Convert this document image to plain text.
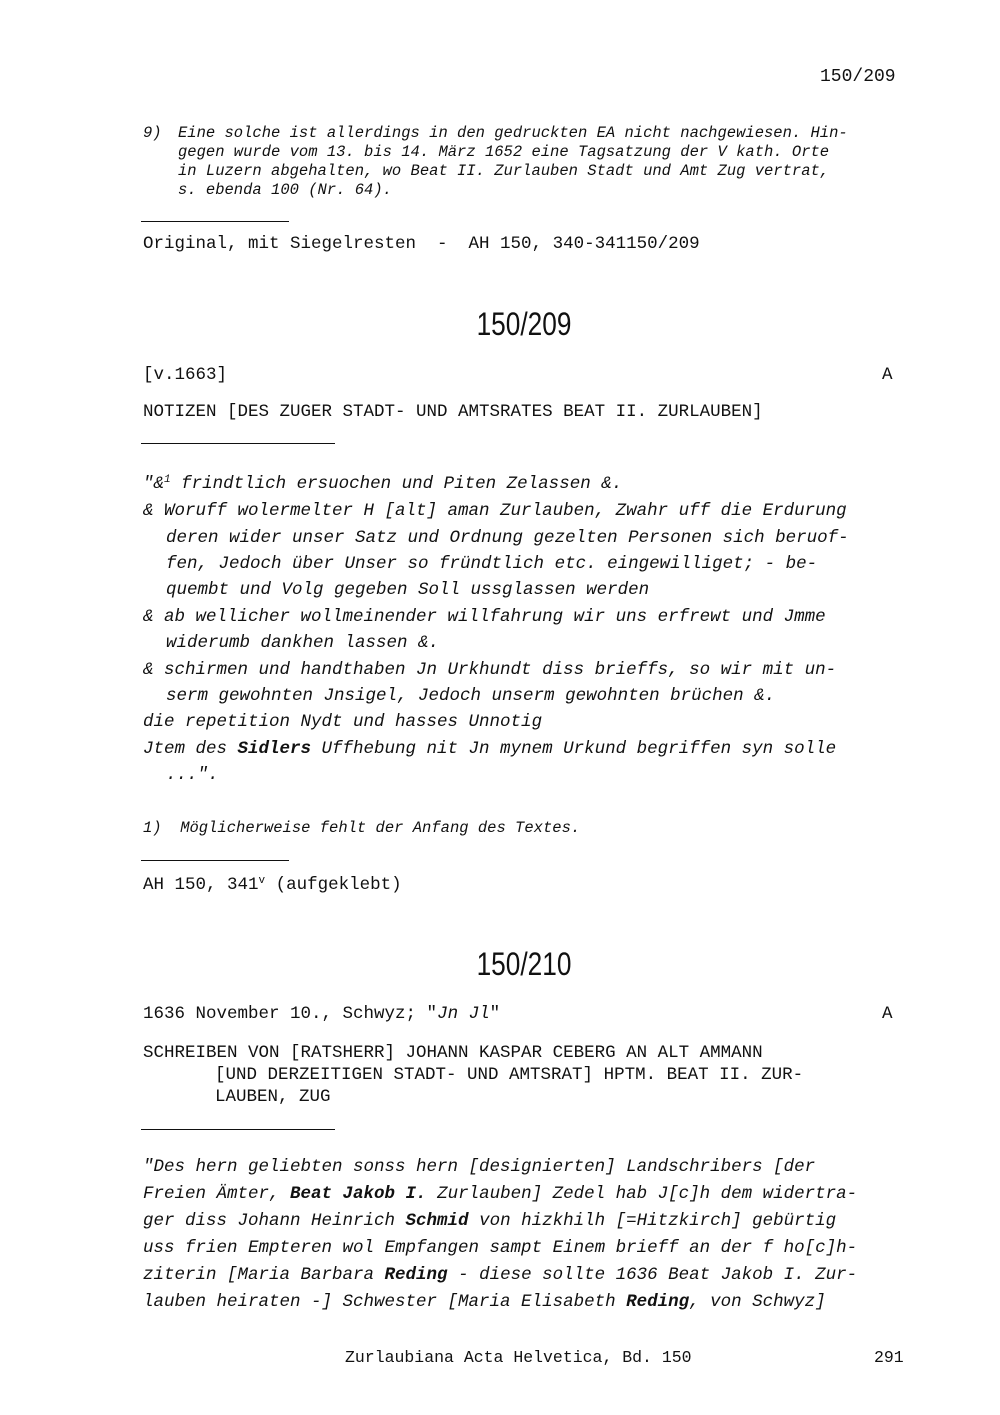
150/209
9) Eine solche ist allerdings in den gedruckten EA nicht nachgewiesen. Hin-
gegen wurde vom 13. bis 14. März 1652 eine Tagsatzung der V kath. Orte
in Luzern abgehalten, wo Beat II. Zurlauben Stadt und Amt Zug vertrat,
s. ebenda 100 (Nr. 64).
Original, mit Siegelresten  -  AH 150, 340-341150/209
150/209
[v.1663]	A
NOTIZEN [DES ZUGER STADT- UND AMTSRATES BEAT II. ZURLAUBEN]
"&$^1$ frindtlich ersuochen und Piten Zelassen &.
& Woruff wolermelter H [alt] aman Zurlauben, Zwahr uff die Erdurung
deren wider unser Satz und Ordnung gezelten Personen sich beruof-
fen, Jedoch über Unser so fründtlich etc. eingewilliget; - be-
quembt und Volg gegeben Soll ussglassen werden
& ab wellicher wollmeinender willfahrung wir uns erfrewt und Jmme
widerumb dankhen lassen &.
& schirmen und handthaben Jn Urkhundt diss brieffs, so wir mit un-
serm gewohnten Jnsigel, Jedoch unserm gewohnten brüchen &.
die repetition Nydt und hasses Unnotig
Jtem des Sidlers Uffhebung nit Jn mynem Urkund begriffen syn solle
...".
1)  Möglicherweise fehlt der Anfang des Textes.
AH 150, 341$^v$ (aufgeklebt)
150/210
1636 November 10., Schwyz; "Jn Jl"	A
SCHREIBEN VON [RATSHERR] JOHANN KASPAR CEBERG AN ALT AMMANN
[UND DERZEITIGEN STADT- UND AMTSRAT] HPTM. BEAT II. ZUR-
LAUBEN, ZUG
"Des hern geliebten sonss hern [designierten] Landschribers [der
Freien Ämter, Beat Jakob I. Zurlauben] Zedel hab J[c]h dem widertra-
ger diss Johann Heinrich Schmid von hizkhilh [=Hitzkirch] gebürtig
uss frien Empteren wol Empfangen sampt Einem brieff an der f ho[c]h-
ziterin [Maria Barbara Reding - diese sollte 1636 Beat Jakob I. Zur-
lauben heiraten -] Schwester [Maria Elisabeth Reding, von Schwyz]
Zurlaubiana Acta Helvetica, Bd. 150	291
